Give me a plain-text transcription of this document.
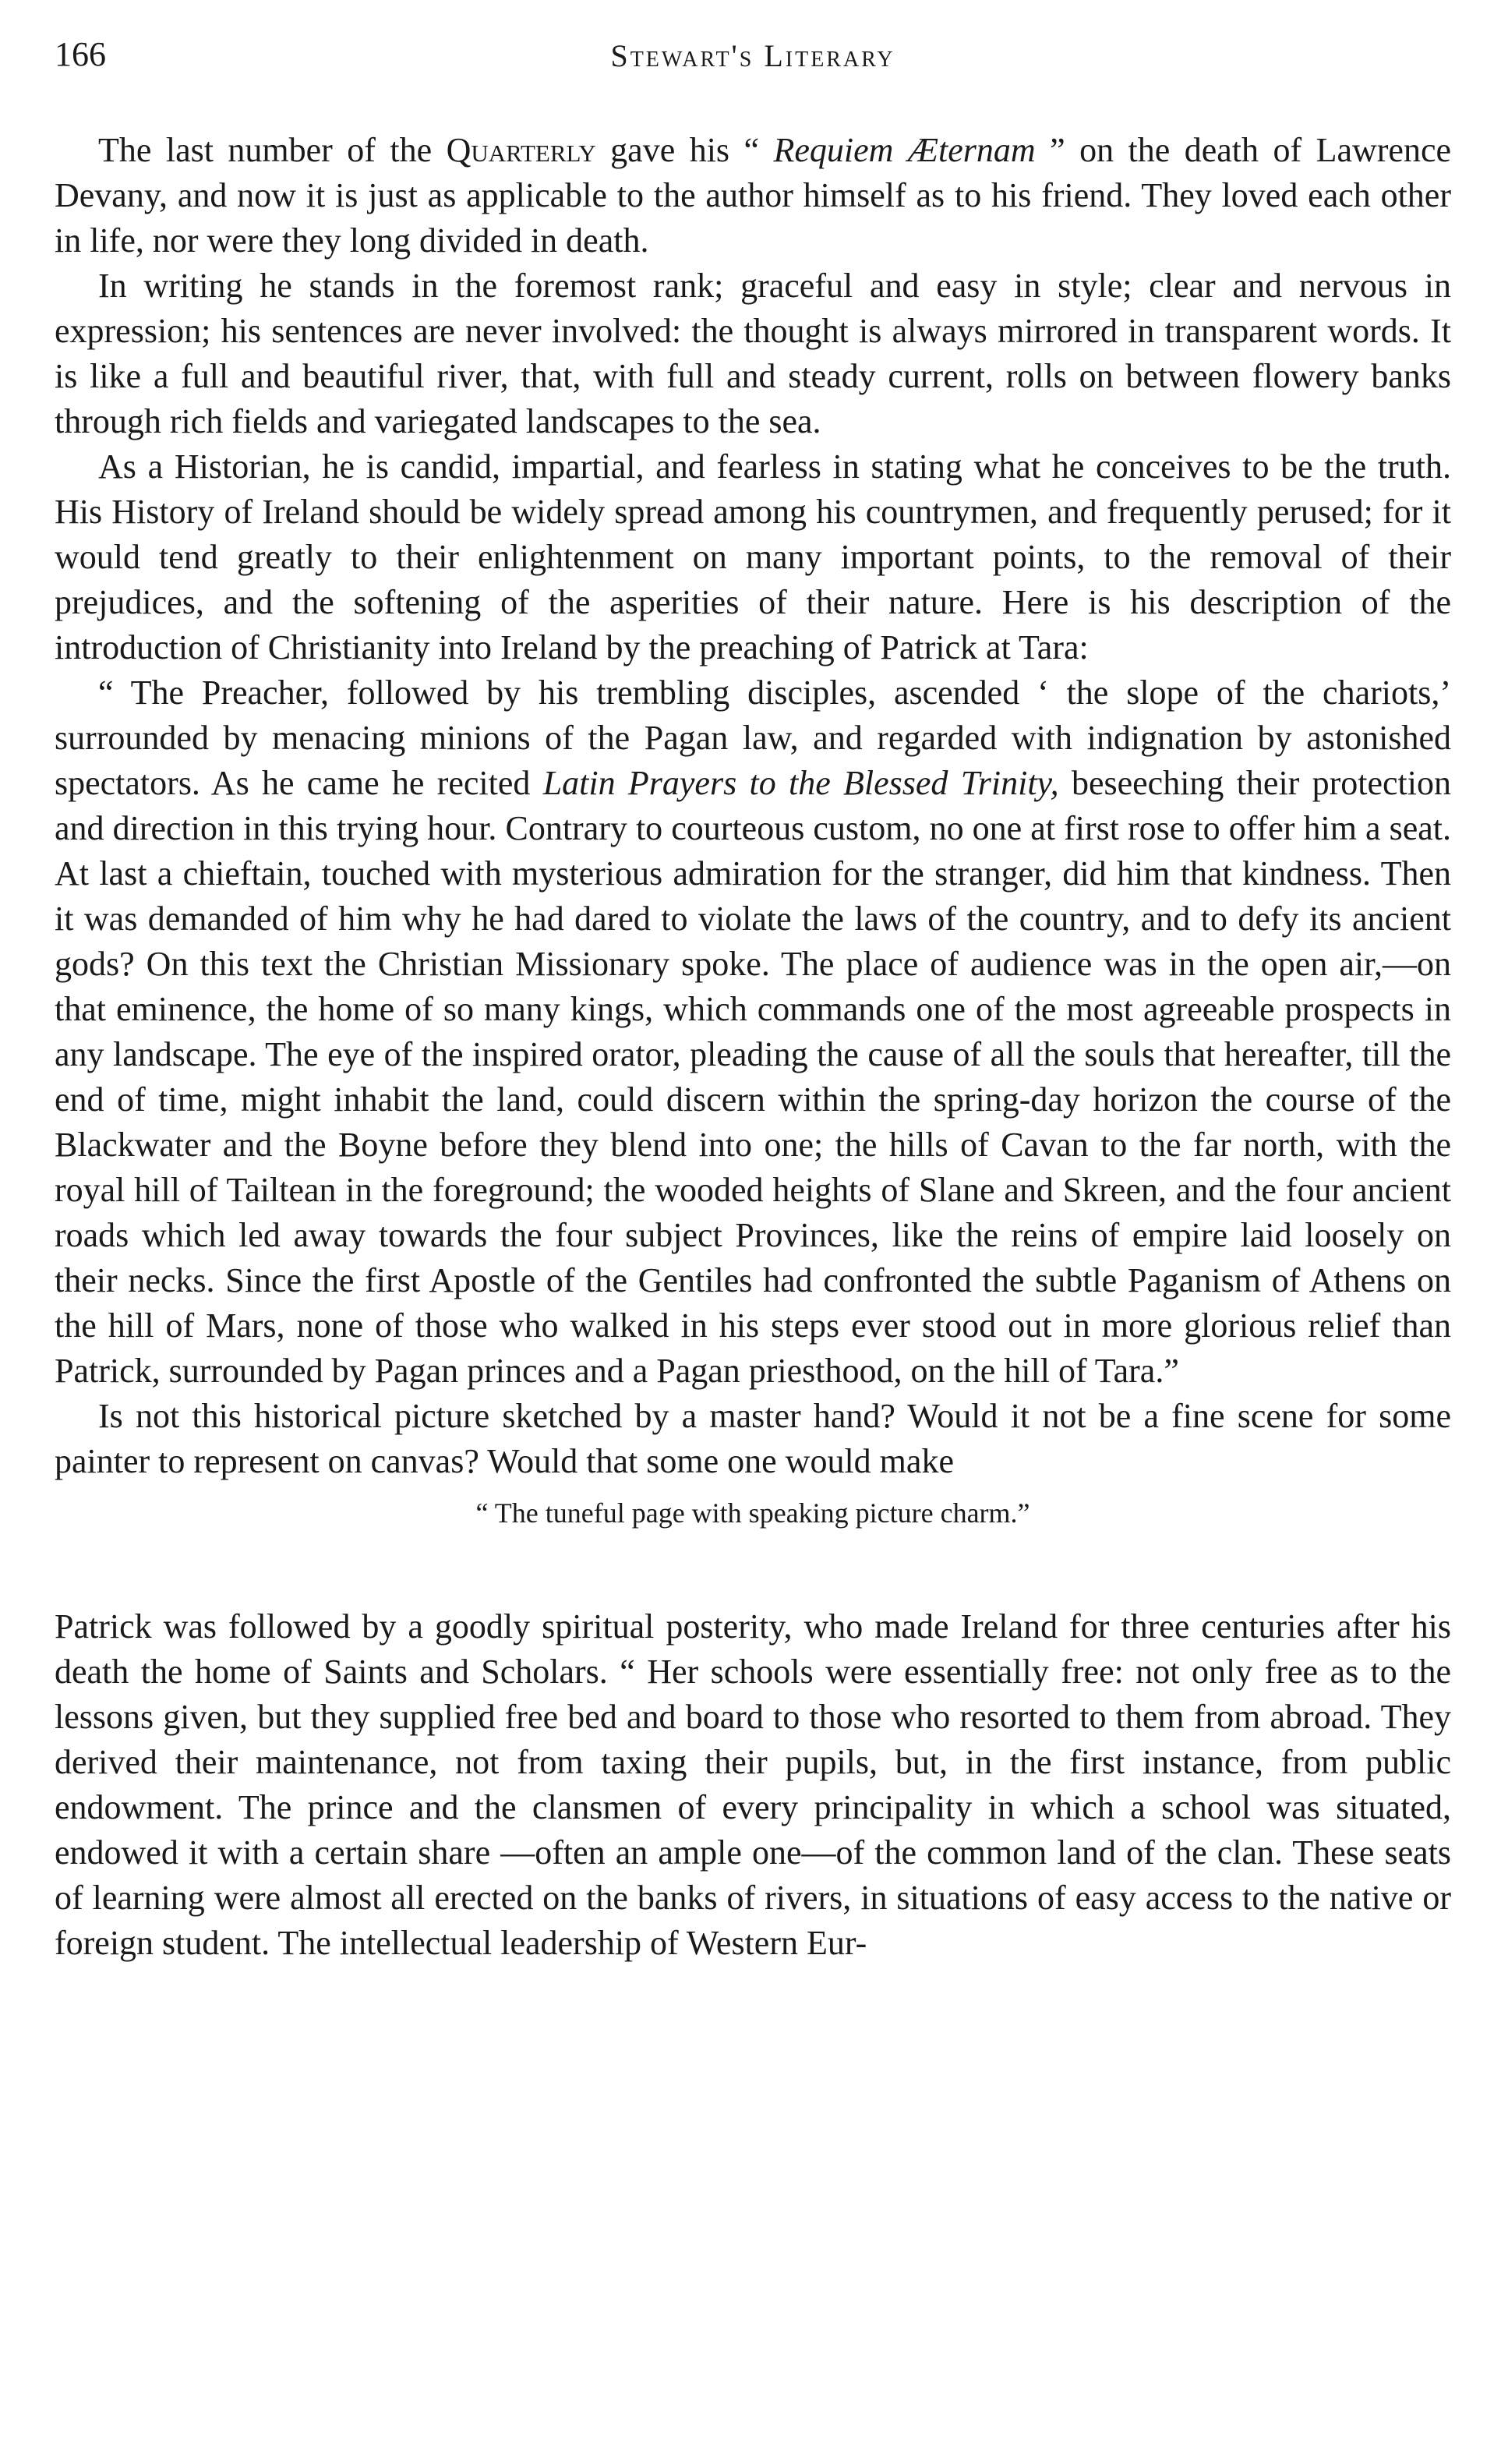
166	Stewart's Literary

The last number of the Quarterly gave his “ Requiem Æternam ” on the death of Lawrence Devany, and now it is just as applicable to the author himself as to his friend. They loved each other in life, nor were they long divided in death.

In writing he stands in the foremost rank; graceful and easy in style; clear and nervous in expression; his sentences are never involved: the thought is always mirrored in transparent words. It is like a full and beautiful river, that, with full and steady current, rolls on between flowery banks through rich fields and variegated landscapes to the sea.

As a Historian, he is candid, impartial, and fearless in stating what he conceives to be the truth. His History of Ireland should be widely spread among his countrymen, and frequently perused; for it would tend greatly to their enlightenment on many important points, to the removal of their prejudices, and the softening of the asperities of their nature. Here is his description of the introduction of Christianity into Ireland by the preaching of Patrick at Tara:

“ The Preacher, followed by his trembling disciples, ascended ‘ the slope of the chariots,’ surrounded by menacing minions of the Pagan law, and regarded with indignation by astonished spectators. As he came he recited Latin Prayers to the Blessed Trinity, beseeching their protection and direction in this trying hour. Contrary to courteous custom, no one at first rose to offer him a seat. At last a chieftain, touched with mysterious admiration for the stranger, did him that kindness. Then it was demanded of him why he had dared to violate the laws of the country, and to defy its ancient gods? On this text the Christian Missionary spoke. The place of audience was in the open air,—on that eminence, the home of so many kings, which commands one of the most agreeable prospects in any landscape. The eye of the inspired orator, pleading the cause of all the souls that hereafter, till the end of time, might inhabit the land, could discern within the spring-day horizon the course of the Blackwater and the Boyne before they blend into one; the hills of Cavan to the far north, with the royal hill of Tailtean in the foreground; the wooded heights of Slane and Skreen, and the four ancient roads which led away towards the four subject Provinces, like the reins of empire laid loosely on their necks. Since the first Apostle of the Gentiles had confronted the subtle Paganism of Athens on the hill of Mars, none of those who walked in his steps ever stood out in more glorious relief than Patrick, surrounded by Pagan princes and a Pagan priesthood, on the hill of Tara.”

Is not this historical picture sketched by a master hand? Would it not be a fine scene for some painter to represent on canvas? Would that some one would make

“ The tuneful page with speaking picture charm.”

Patrick was followed by a goodly spiritual posterity, who made Ireland for three centuries after his death the home of Saints and Scholars. “ Her schools were essentially free: not only free as to the lessons given, but they supplied free bed and board to those who resorted to them from abroad. They derived their maintenance, not from taxing their pupils, but, in the first instance, from public endowment. The prince and the clansmen of every principality in which a school was situated, endowed it with a certain share —often an ample one—of the common land of the clan. These seats of learning were almost all erected on the banks of rivers, in situations of easy access to the native or foreign student. The intellectual leadership of Western Eur-
